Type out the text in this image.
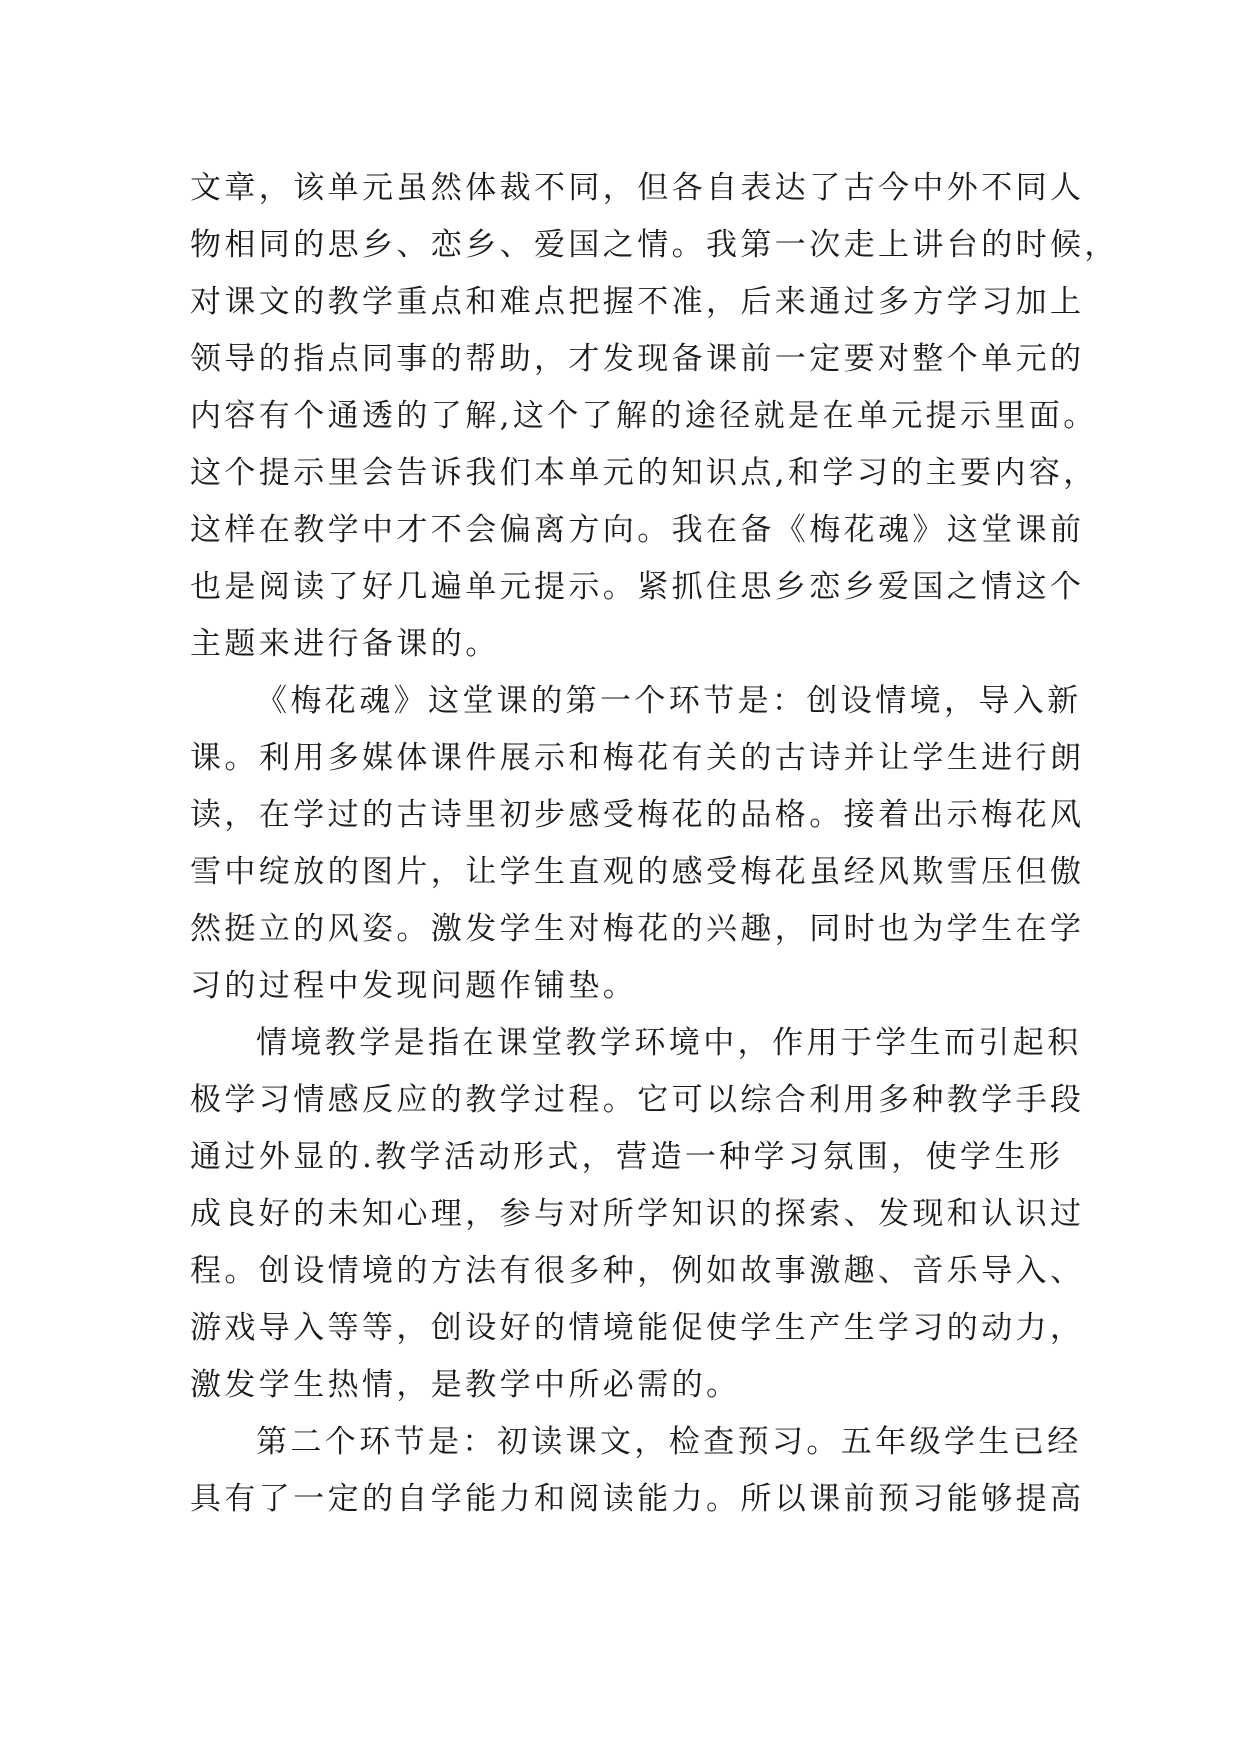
文章，该单元虽然体裁不同，但各自表达了古今中外不同人
物相同的思乡、恋乡、爱国之情。我第一次走上讲台的时候，
对课文的教学重点和难点把握不准，后来通过多方学习加上
领导的指点同事的帮助，才发现备课前一定要对整个单元的
内容有个通透的了解,这个了解的途径就是在单元提示里面。
这个提示里会告诉我们本单元的知识点,和学习的主要内容，
这样在教学中才不会偏离方向。我在备《梅花魂》这堂课前
也是阅读了好几遍单元提示。紧抓住思乡恋乡爱国之情这个
主题来进行备课的。
《梅花魂》这堂课的第一个环节是：创设情境，导入新
课。利用多媒体课件展示和梅花有关的古诗并让学生进行朗
读，在学过的古诗里初步感受梅花的品格。接着出示梅花风
雪中绽放的图片，让学生直观的感受梅花虽经风欺雪压但傲
然挺立的风姿。激发学生对梅花的兴趣，同时也为学生在学
习的过程中发现问题作铺垫。
情境教学是指在课堂教学环境中，作用于学生而引起积
极学习情感反应的教学过程。它可以综合利用多种教学手段
通过外显的.教学活动形式，营造一种学习氛围，使学生形
成良好的未知心理，参与对所学知识的探索、发现和认识过
程。创设情境的方法有很多种，例如故事激趣、音乐导入、
游戏导入等等，创设好的情境能促使学生产生学习的动力，
激发学生热情，是教学中所必需的。
第二个环节是：初读课文，检查预习。五年级学生已经
具有了一定的自学能力和阅读能力。所以课前预习能够提高
